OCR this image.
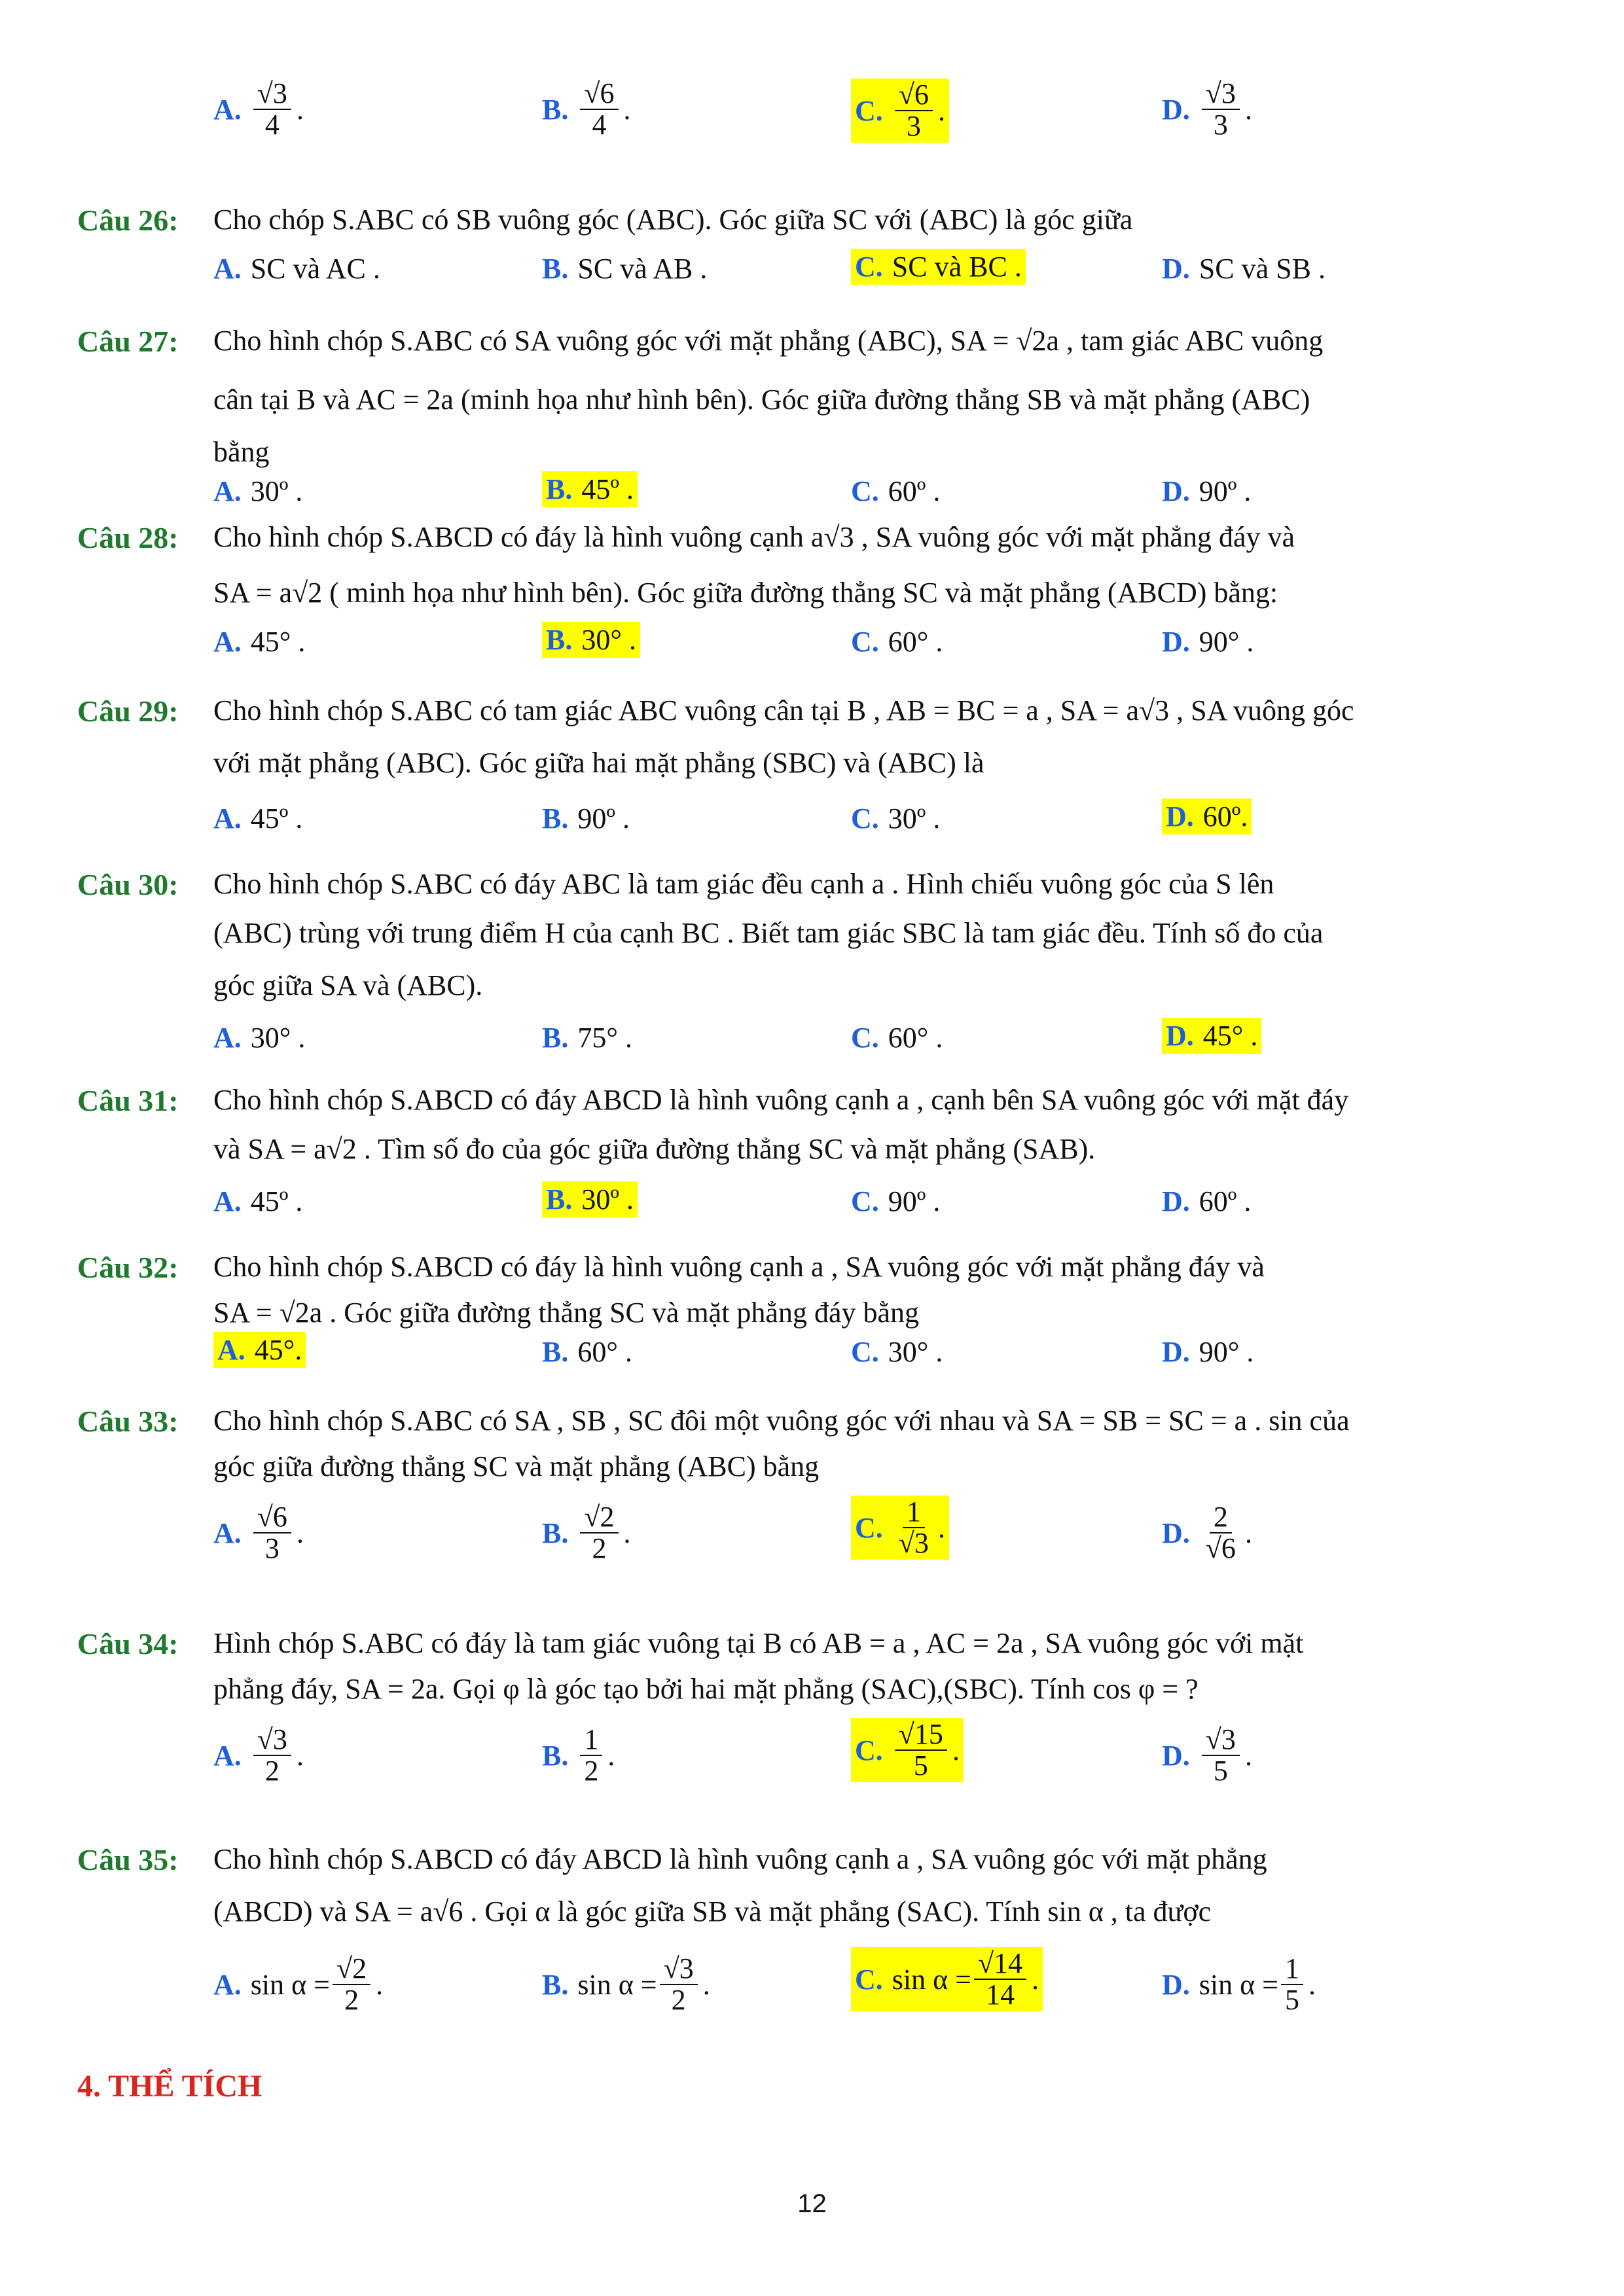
A. $\frac{√3}{4}$ .	B. $\frac{√6}{4}$ .	C. $\frac{√6}{3}$ .	D. $\frac{√3}{3}$ .
Câu 26: Cho chóp S.ABC có SB vuông góc (ABC). Góc giữa SC với (ABC) là góc giữa
A. SC và AC .	B. SC và AB .	C. SC và BC .	D. SC và SB .
Câu 27: Cho hình chóp S.ABC có SA vuông góc với mặt phẳng (ABC), SA = √2a , tam giác ABC vuông
cân tại B và AC = 2a (minh họa như hình bên). Góc giữa đường thẳng SB và mặt phẳng (ABC)
bằng
A. 30º .	B. 45º .	C. 60º .	D. 90º .
Câu 28: Cho hình chóp S.ABCD có đáy là hình vuông cạnh a√3 , SA vuông góc với mặt phẳng đáy và
SA = a√2 ( minh họa như hình bên). Góc giữa đường thẳng SC và mặt phẳng (ABCD) bằng:
A. 45° .	B. 30° .	C. 60° .	D. 90° .
Câu 29: Cho hình chóp S.ABC có tam giác ABC vuông cân tại B , AB = BC = a , SA = a√3 , SA vuông góc
với mặt phẳng (ABC). Góc giữa hai mặt phẳng (SBC) và (ABC) là
A. 45º .	B. 90º .	C. 30º .	D. 60º.
Câu 30: Cho hình chóp S.ABC có đáy ABC là tam giác đều cạnh a . Hình chiếu vuông góc của S lên
(ABC) trùng với trung điểm H của cạnh BC . Biết tam giác SBC là tam giác đều. Tính số đo của
góc giữa SA và (ABC).
A. 30° .	B. 75° .	C. 60° .	D. 45° .
Câu 31: Cho hình chóp S.ABCD có đáy ABCD là hình vuông cạnh a , cạnh bên SA vuông góc với mặt đáy
và SA = a√2 . Tìm số đo của góc giữa đường thẳng SC và mặt phẳng (SAB).
A. 45º .	B. 30º .	C. 90º .	D. 60º .
Câu 32: Cho hình chóp S.ABCD có đáy là hình vuông cạnh a , SA vuông góc với mặt phẳng đáy và
SA = √2a . Góc giữa đường thẳng SC và mặt phẳng đáy bằng
A. 45°.	B. 60° .	C. 30° .	D. 90° .
Câu 33: Cho hình chóp S.ABC có SA , SB , SC đôi một vuông góc với nhau và SA = SB = SC = a . sin của
góc giữa đường thẳng SC và mặt phẳng (ABC) bằng
A. $\frac{√6}{3}$ .	B. $\frac{√2}{2}$ .	C. $\frac{1}{√3}$ .	D. $\frac{2}{√6}$ .
Câu 34: Hình chóp S.ABC có đáy là tam giác vuông tại B có AB = a , AC = 2a , SA vuông góc với mặt
phẳng đáy, SA = 2a. Gọi φ là góc tạo bởi hai mặt phẳng (SAC),(SBC). Tính cos φ = ?
A. $\frac{√3}{2}$ .	B. $\frac{1}{2}$ .	C. $\frac{√15}{5}$ .	D. $\frac{√3}{5}$ .
Câu 35: Cho hình chóp S.ABCD có đáy ABCD là hình vuông cạnh a , SA vuông góc với mặt phẳng
(ABCD) và SA = a√6 . Gọi α là góc giữa SB và mặt phẳng (SAC). Tính sin α , ta được
A. $\sin \alpha = \frac{√2}{2}$ .	B. $\sin \alpha = \frac{√3}{2}$ .	C. $\sin \alpha = \frac{√14}{14}$ .	D. $\sin \alpha = \frac{1}{5}$ .
4. THỂ TÍCH
12
